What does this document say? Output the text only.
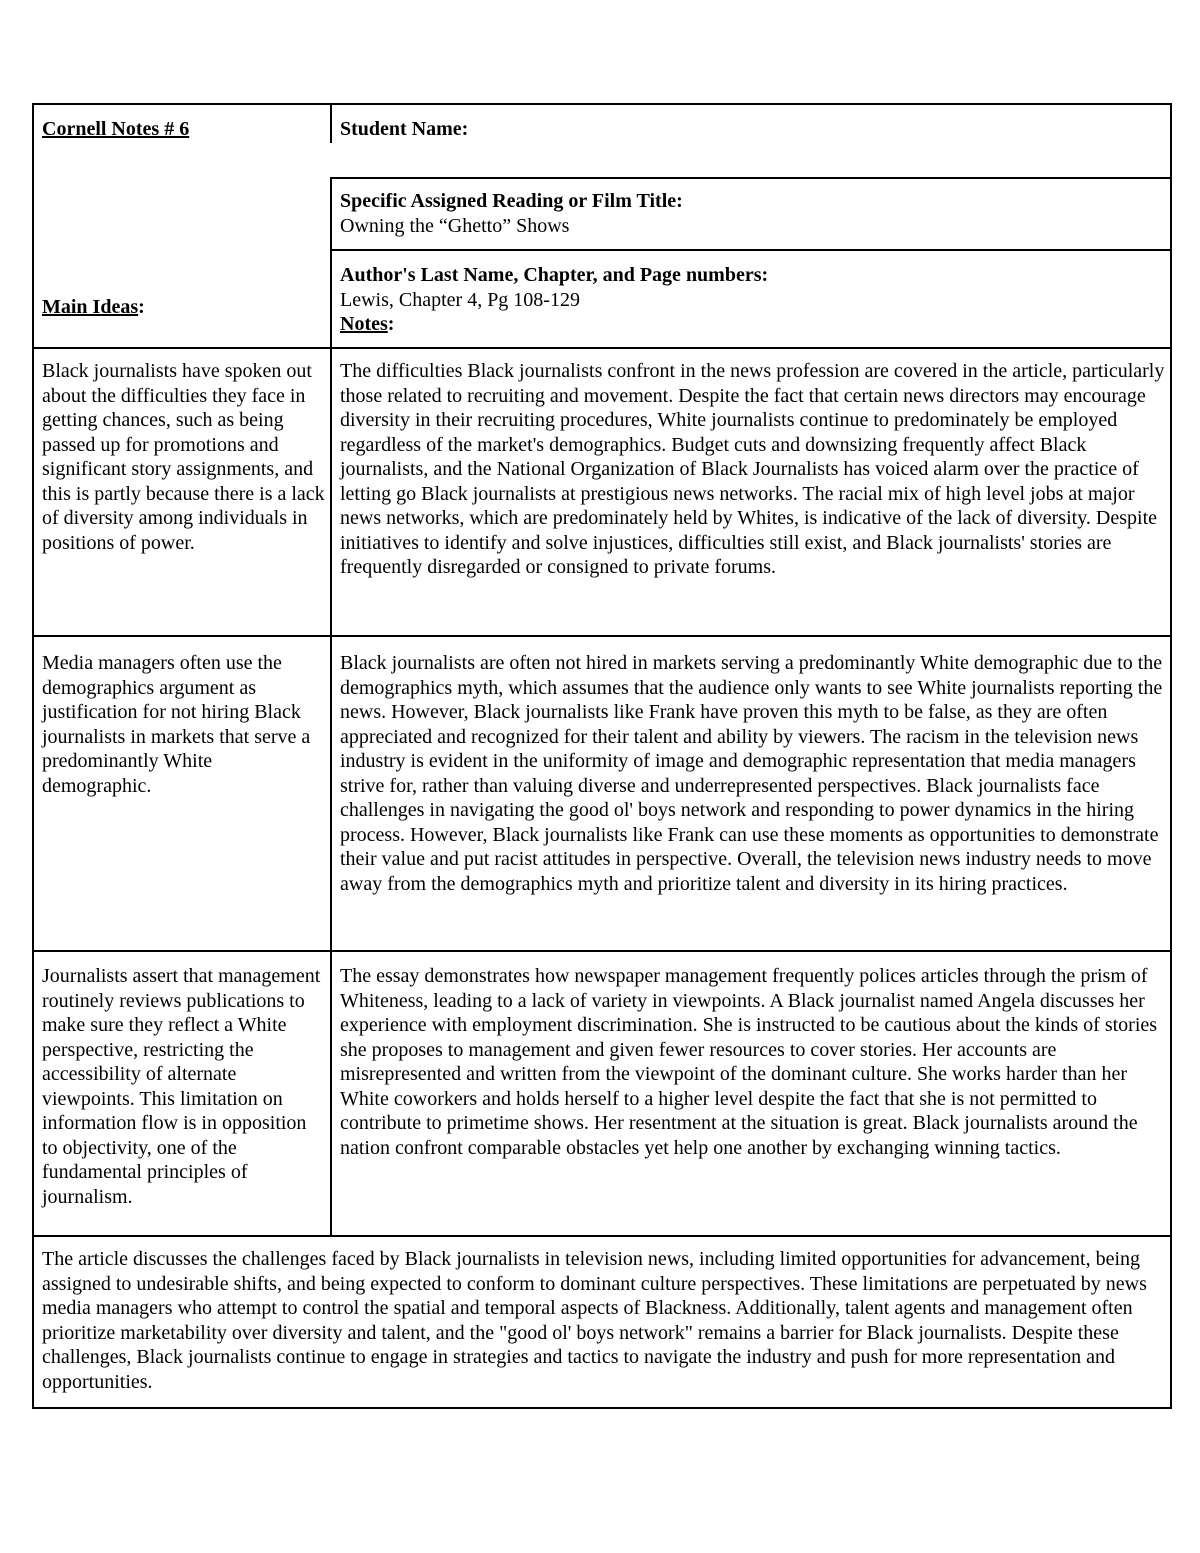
Cornell Notes # 6
Main Ideas:
Student Name:

Specific Assigned Reading or Film Title:

Owning the “Ghetto” Shows

Author's Last Name, Chapter, and Page numbers:

Lewis, Chapter 4, Pg 108-129

Notes:

Black journalists have spoken out about the difficulties they face in getting chances, such as being passed up for promotions and significant story assignments, and this is partly because there is a lack of diversity among individuals in positions of power.
The difficulties Black journalists confront in the news profession are covered in the article, particularly those related to recruiting and movement. Despite the fact that certain news directors may encourage diversity in their recruiting procedures, White journalists continue to predominately be employed regardless of the market's demographics. Budget cuts and downsizing frequently affect Black journalists, and the National Organization of Black Journalists has voiced alarm over the practice of letting go Black journalists at prestigious news networks. The racial mix of high level jobs at major news networks, which are predominately held by Whites, is indicative of the lack of diversity. Despite initiatives to identify and solve injustices, difficulties still exist, and Black journalists' stories are frequently disregarded or consigned to private forums.
Media managers often use the demographics argument as justification for not hiring Black journalists in markets that serve a predominantly White demographic.
Black journalists are often not hired in markets serving a predominantly White demographic due to the demographics myth, which assumes that the audience only wants to see White journalists reporting the news. However, Black journalists like Frank have proven this myth to be false, as they are often appreciated and recognized for their talent and ability by viewers. The racism in the television news industry is evident in the uniformity of image and demographic representation that media managers strive for, rather than valuing diverse and underrepresented perspectives. Black journalists face challenges in navigating the good ol' boys network and responding to power dynamics in the hiring process. However, Black journalists like Frank can use these moments as opportunities to demonstrate their value and put racist attitudes in perspective. Overall, the television news industry needs to move away from the demographics myth and prioritize talent and diversity in its hiring practices.
Journalists assert that management routinely reviews publications to make sure they reflect a White perspective, restricting the accessibility of alternate viewpoints. This limitation on information flow is in opposition to objectivity, one of the fundamental principles of journalism.
The essay demonstrates how newspaper management frequently polices articles through the prism of Whiteness, leading to a lack of variety in viewpoints. A Black journalist named Angela discusses her experience with employment discrimination. She is instructed to be cautious about the kinds of stories she proposes to management and given fewer resources to cover stories. Her accounts are misrepresented and written from the viewpoint of the dominant culture. She works harder than her White coworkers and holds herself to a higher level despite the fact that she is not permitted to contribute to primetime shows. Her resentment at the situation is great. Black journalists around the nation confront comparable obstacles yet help one another by exchanging winning tactics.
The article discusses the challenges faced by Black journalists in television news, including limited opportunities for advancement, being assigned to undesirable shifts, and being expected to conform to dominant culture perspectives. These limitations are perpetuated by news media managers who attempt to control the spatial and temporal aspects of Blackness. Additionally, talent agents and management often prioritize marketability over diversity and talent, and the "good ol' boys network" remains a barrier for Black journalists. Despite these challenges, Black journalists continue to engage in strategies and tactics to navigate the industry and push for more representation and opportunities.
